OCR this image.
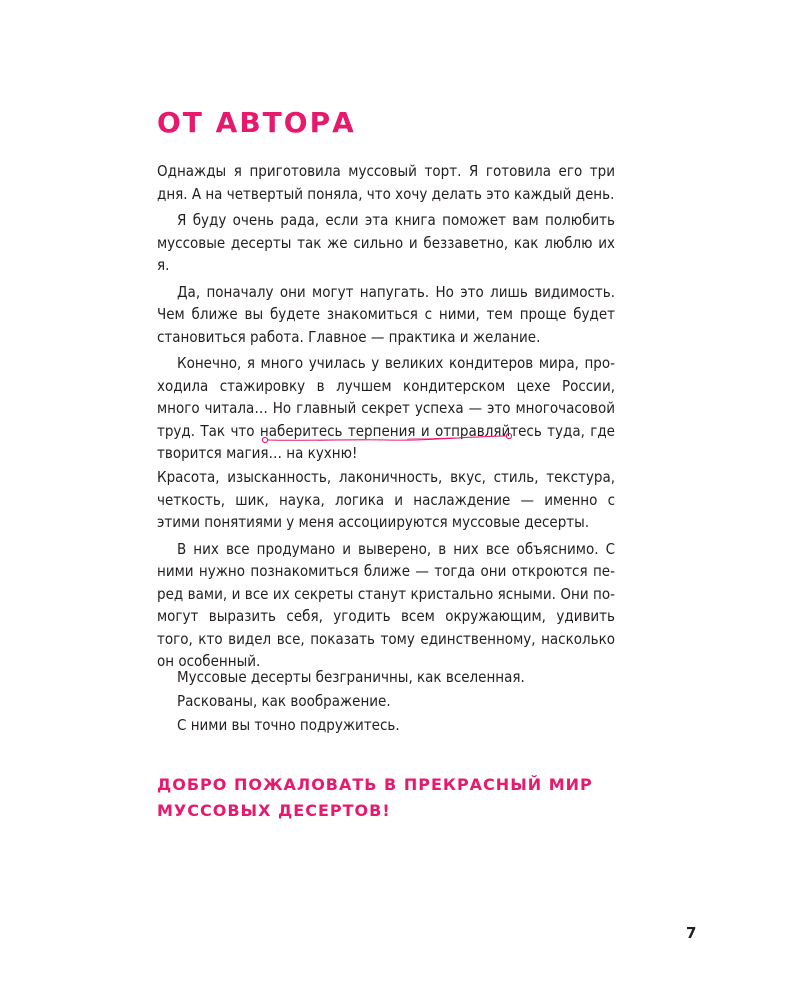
ОТ АВТОРА

Однажды я приготовила муссовый торт. Я готовила его три дня. А на четвертый поняла, что хочу делать это каждый день.

Я буду очень рада, если эта книга поможет вам полюбить муссовые десерты так же сильно и беззаветно, как люблю их я.

Да, поначалу они могут напугать. Но это лишь видимость. Чем ближе вы будете знакомиться с ними, тем проще будет становиться работа. Главное — практика и желание.

Конечно, я много училась у великих кондитеров мира, проходила стажировку в лучшем кондитерском цехе России, много читала… Но главный секрет успеха — это многочасовой труд. Так что наберитесь терпения и отправляйтесь туда, где творится магия… на кухню!

Красота, изысканность, лаконичность, вкус, стиль, текстура, четкость, шик, наука, логика и наслаждение — именно с этими понятиями у меня ассоциируются муссовые десерты.

В них все продумано и выверено, в них все объяснимо. С ними нужно познакомиться ближе — тогда они откроются перед вами, и все их секреты станут кристально ясными. Они помогут выразить себя, угодить всем окружающим, удивить того, кто видел все, показать тому единственному, насколько он особенный.

Муссовые десерты безграничны, как вселенная.

Раскованы, как воображение.

С ними вы точно подружитесь.

ДОБРО ПОЖАЛОВАТЬ В ПРЕКРАСНЫЙ МИР МУССОВЫХ ДЕСЕРТОВ!

7
